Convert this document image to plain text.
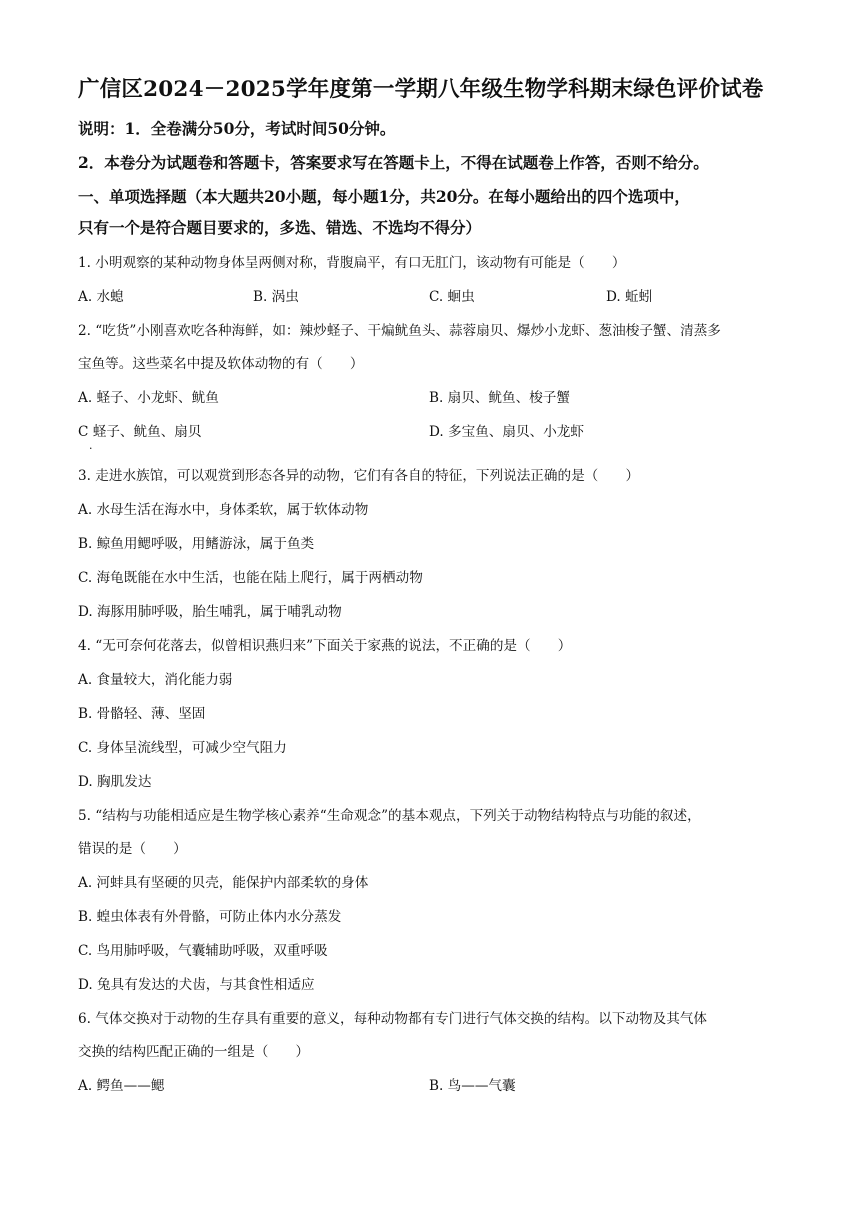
广信区2024－2025学年度第一学期八年级生物学科期末绿色评价试卷
说明：1．全卷满分50分，考试时间50分钟。
2．本卷分为试题卷和答题卡，答案要求写在答题卡上，不得在试题卷上作答，否则不给分。
一、单项选择题（本大题共20小题，每小题1分，共20分。在每小题给出的四个选项中，
只有一个是符合题目要求的，多选、错选、不选均不得分）
1. 小明观察的某种动物身体呈两侧对称，背腹扁平，有口无肛门，该动物有可能是（　　）
A. 水螅	B. 涡虫	C. 蛔虫	D. 蚯蚓
2. “吃货”小刚喜欢吃各种海鲜，如：辣炒蛏子、干煸鱿鱼头、蒜蓉扇贝、爆炒小龙虾、葱油梭子蟹、清蒸多
宝鱼等。这些菜名中提及软体动物的有（　　）
A. 蛏子、小龙虾、鱿鱼	B. 扇贝、鱿鱼、梭子蟹
C 蛏子、鱿鱼、扇贝
·
D. 多宝鱼、扇贝、小龙虾
3. 走进水族馆，可以观赏到形态各异的动物，它们有各自的特征，下列说法正确的是（　　）
A. 水母生活在海水中，身体柔软，属于软体动物
B. 鲸鱼用鳃呼吸，用鳍游泳，属于鱼类
C. 海龟既能在水中生活，也能在陆上爬行，属于两栖动物
D. 海豚用肺呼吸，胎生哺乳，属于哺乳动物
4. “无可奈何花落去，似曾相识燕归来”下面关于家燕的说法，不正确的是（　　）
A. 食量较大，消化能力弱
B. 骨骼轻、薄、坚固
C. 身体呈流线型，可减少空气阻力
D. 胸肌发达
5. “结构与功能相适应是生物学核心素养“生命观念”的基本观点，下列关于动物结构特点与功能的叙述，
错误的是（　　）
A. 河蚌具有坚硬的贝壳，能保护内部柔软的身体
B. 蝗虫体表有外骨骼，可防止体内水分蒸发
C. 鸟用肺呼吸，气囊辅助呼吸，双重呼吸
D. 兔具有发达的犬齿，与其食性相适应
6. 气体交换对于动物的生存具有重要的意义，每种动物都有专门进行气体交换的结构。以下动物及其气体
交换的结构匹配正确的一组是（　　）
A. 鳄鱼——鳃	B. 鸟——气囊
